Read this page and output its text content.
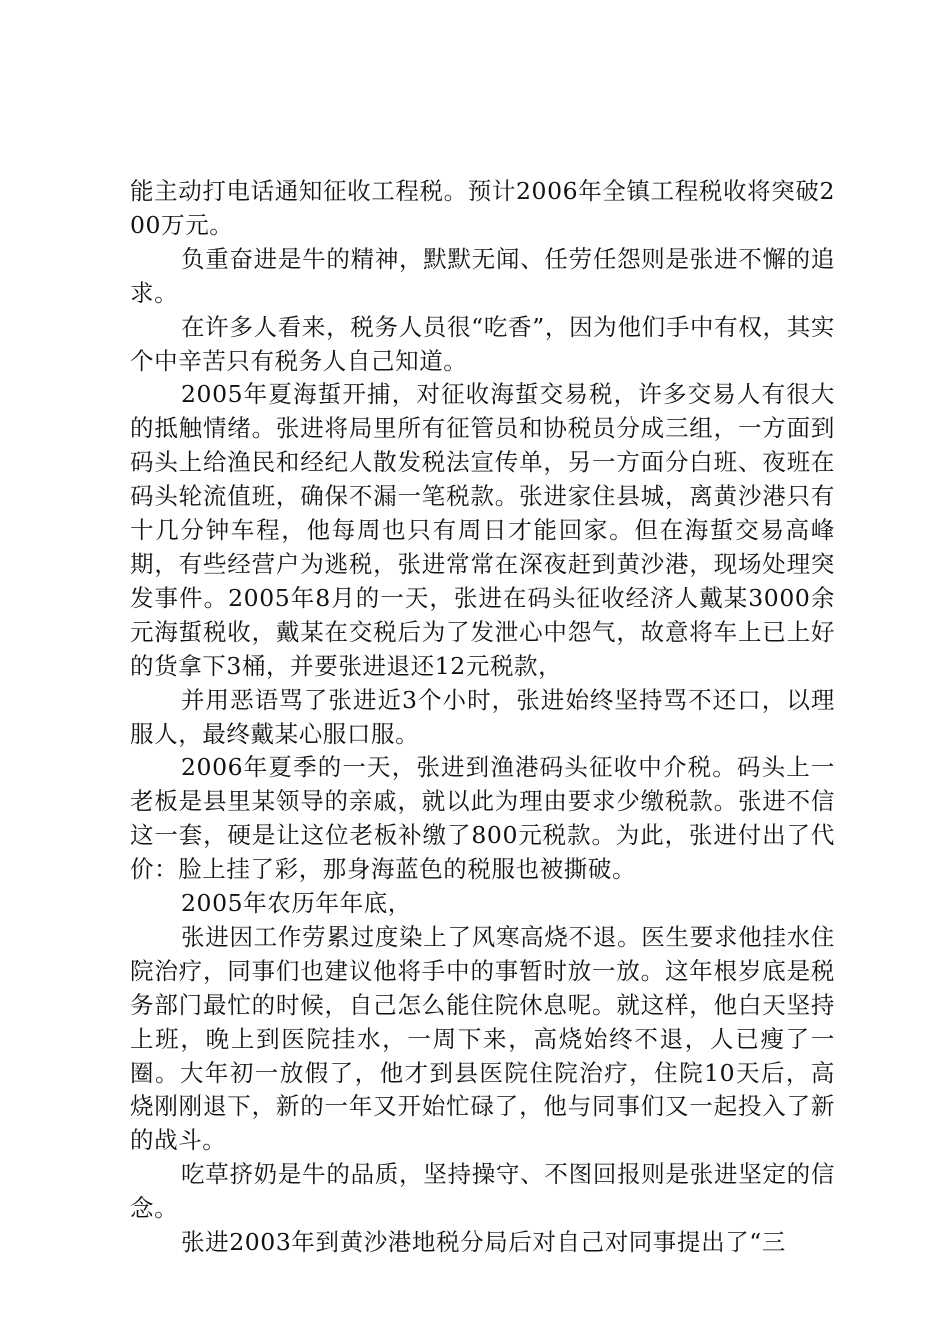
能主动打电话通知征收工程税。预计2006年全镇工程税收将突破200万元。

负重奋进是牛的精神，默默无闻、任劳任怨则是张进不懈的追求。

在许多人看来，税务人员很“吃香”，因为他们手中有权，其实个中辛苦只有税务人自己知道。

2005年夏海蜇开捕，对征收海蜇交易税，许多交易人有很大的抵触情绪。张进将局里所有征管员和协税员分成三组，一方面到码头上给渔民和经纪人散发税法宣传单，另一方面分白班、夜班在码头轮流值班，确保不漏一笔税款。张进家住县城，离黄沙港只有十几分钟车程，他每周也只有周日才能回家。但在海蜇交易高峰期，有些经营户为逃税，张进常常在深夜赶到黄沙港，现场处理突发事件。2005年8月的一天，张进在码头征收经济人戴某3000余元海蜇税收，戴某在交税后为了发泄心中怨气，故意将车上已上好的货拿下3桶，并要张进退还12元税款，

并用恶语骂了张进近3个小时，张进始终坚持骂不还口，以理服人，最终戴某心服口服。

2006年夏季的一天，张进到渔港码头征收中介税。码头上一老板是县里某领导的亲戚，就以此为理由要求少缴税款。张进不信这一套，硬是让这位老板补缴了800元税款。为此，张进付出了代价：脸上挂了彩，那身海蓝色的税服也被撕破。

2005年农历年年底，

张进因工作劳累过度染上了风寒高烧不退。医生要求他挂水住院治疗，同事们也建议他将手中的事暂时放一放。这年根岁底是税务部门最忙的时候，自己怎么能住院休息呢。就这样，他白天坚持上班，晚上到医院挂水，一周下来，高烧始终不退，人已瘦了一圈。大年初一放假了，他才到县医院住院治疗，住院10天后，高烧刚刚退下，新的一年又开始忙碌了，他与同事们又一起投入了新的战斗。

吃草挤奶是牛的品质，坚持操守、不图回报则是张进坚定的信念。

张进2003年到黄沙港地税分局后对自己对同事提出了“三
